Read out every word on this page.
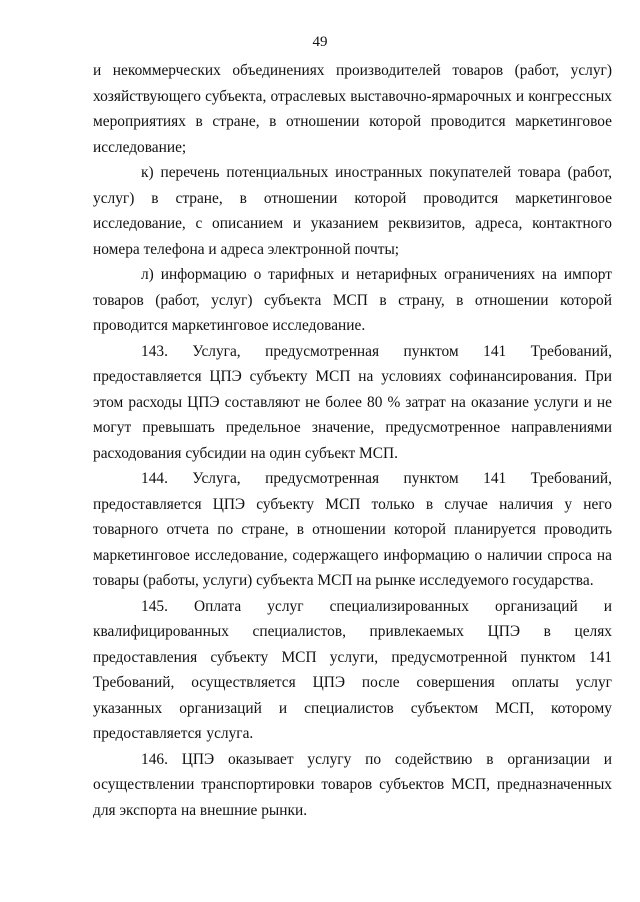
49

и некоммерческих объединениях производителей товаров (работ, услуг) хозяйствующего субъекта, отраслевых выставочно-ярмарочных и конгрессных мероприятиях в стране, в отношении которой проводится маркетинговое исследование;

к) перечень потенциальных иностранных покупателей товара (работ, услуг) в стране, в отношении которой проводится маркетинговое исследование, с описанием и указанием реквизитов, адреса, контактного номера телефона и адреса электронной почты;

л) информацию о тарифных и нетарифных ограничениях на импорт товаров (работ, услуг) субъекта МСП в страну, в отношении которой проводится маркетинговое исследование.

143. Услуга, предусмотренная пунктом 141 Требований, предоставляется ЦПЭ субъекту МСП на условиях софинансирования. При этом расходы ЦПЭ составляют не более 80 % затрат на оказание услуги и не могут превышать предельное значение, предусмотренное направлениями расходования субсидии на один субъект МСП.

144. Услуга, предусмотренная пунктом 141 Требований, предоставляется ЦПЭ субъекту МСП только в случае наличия у него товарного отчета по стране, в отношении которой планируется проводить маркетинговое исследование, содержащего информацию о наличии спроса на товары (работы, услуги) субъекта МСП на рынке исследуемого государства.

145. Оплата услуг специализированных организаций и квалифицированных специалистов, привлекаемых ЦПЭ в целях предоставления субъекту МСП услуги, предусмотренной пунктом 141 Требований, осуществляется ЦПЭ после совершения оплаты услуг указанных организаций и специалистов субъектом МСП, которому предоставляется услуга.

146. ЦПЭ оказывает услугу по содействию в организации и осуществлении транспортировки товаров субъектов МСП, предназначенных для экспорта на внешние рынки.
